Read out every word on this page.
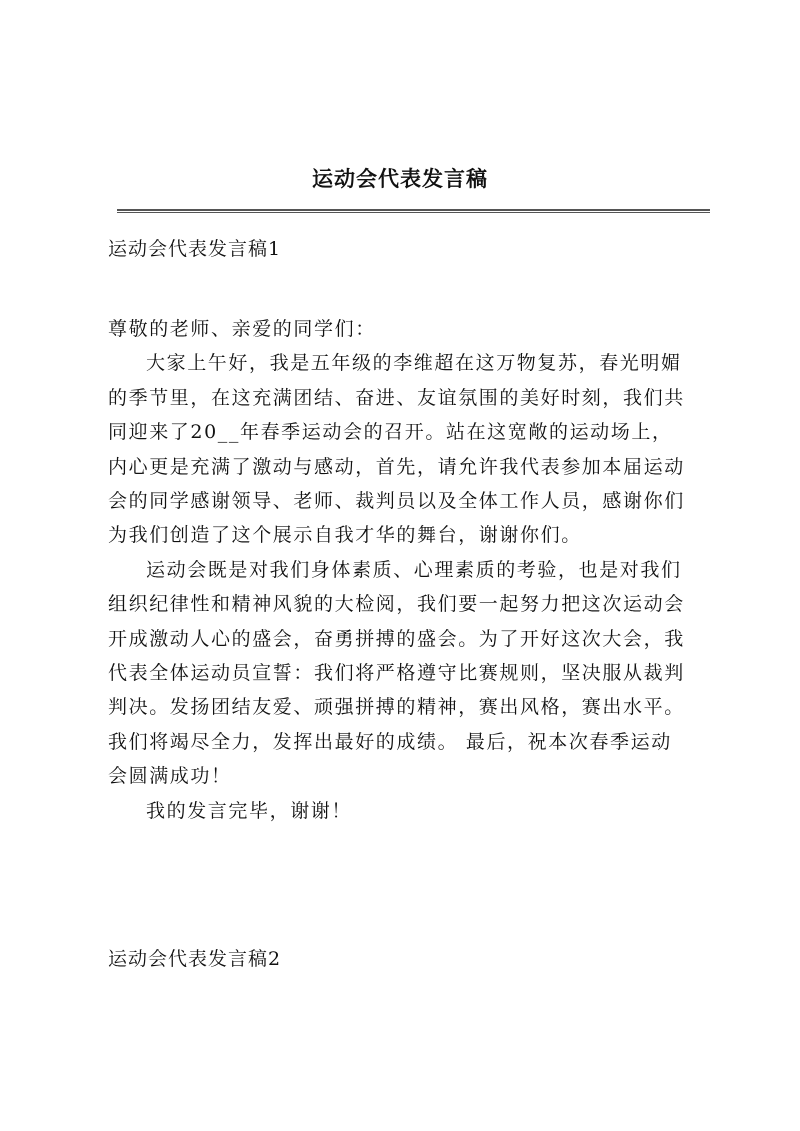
运动会代表发言稿
运动会代表发言稿1

尊敬的老师、亲爱的同学们：

大家上午好，我是五年级的李维超在这万物复苏，春光明媚
的季节里，在这充满团结、奋进、友谊氛围的美好时刻，我们共
同迎来了20__年春季运动会的召开。站在这宽敞的运动场上，
内心更是充满了激动与感动，首先，请允许我代表参加本届运动
会的同学感谢领导、老师、裁判员以及全体工作人员，感谢你们
为我们创造了这个展示自我才华的舞台，谢谢你们。

运动会既是对我们身体素质、心理素质的考验，也是对我们
组织纪律性和精神风貌的大检阅，我们要一起努力把这次运动会
开成激动人心的盛会，奋勇拼搏的盛会。为了开好这次大会，我
代表全体运动员宣誓：我们将严格遵守比赛规则，坚决服从裁判
判决。发扬团结友爱、顽强拼搏的精神，赛出风格，赛出水平。
我们将竭尽全力，发挥出最好的成绩。 最后，祝本次春季运动
会圆满成功！

我的发言完毕，谢谢！

运动会代表发言稿2
